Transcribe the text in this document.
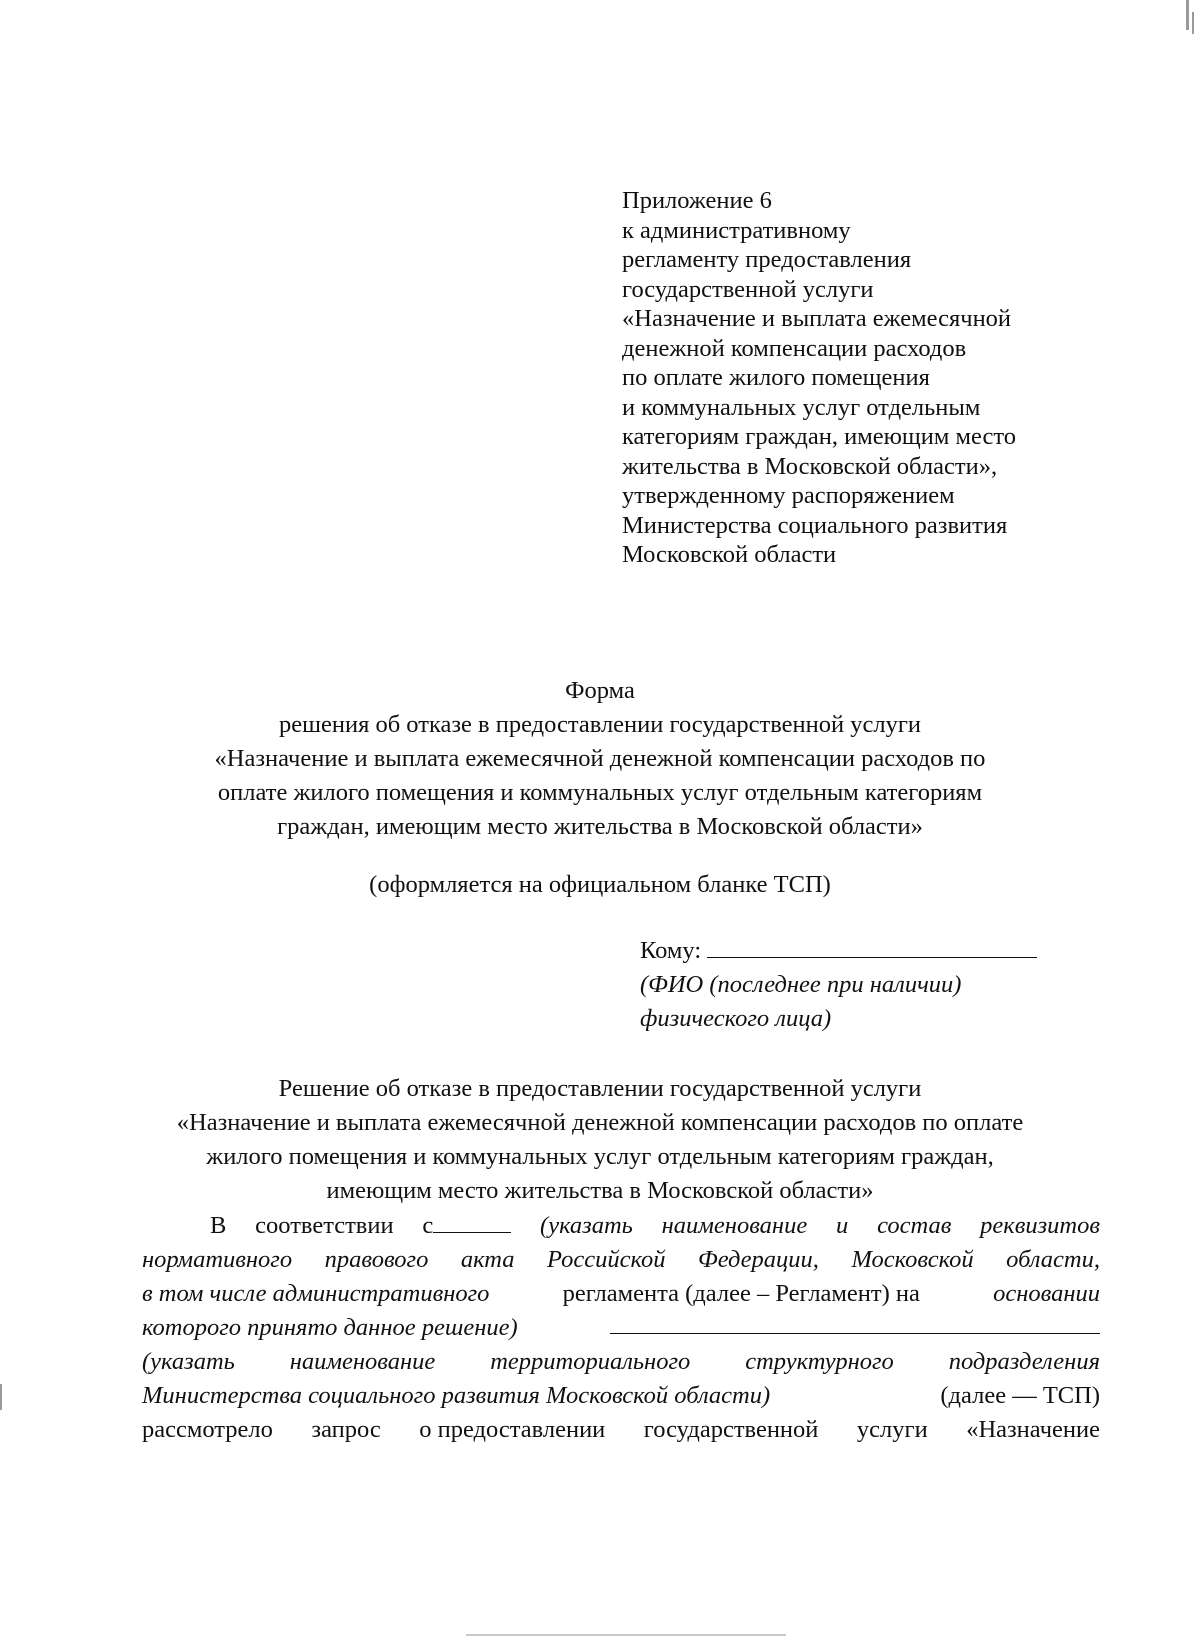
Приложение 6
к административному
регламенту предоставления
государственной услуги
«Назначение и выплата ежемесячной
денежной компенсации расходов
по оплате жилого помещения
и коммунальных услуг отдельным
категориям граждан, имеющим место
жительства в Московской области»,
утвержденному распоряжением
Министерства социального развития
Московской области
Форма
решения об отказе в предоставлении государственной услуги
«Назначение и выплата ежемесячной денежной компенсации расходов по
оплате жилого помещения и коммунальных услуг отдельным категориям
граждан, имеющим место жительства в Московской области»
(оформляется на официальном бланке ТСП)
Кому:
(ФИО (последнее при наличии)
физического лица)
Решение об отказе в предоставлении государственной услуги
«Назначение и выплата ежемесячной денежной компенсации расходов по оплате
жилого помещения и коммунальных услуг отдельным категориям граждан,
имеющим место жительства в Московской области»
В соответствии с	(указать наименование и состав реквизитов
нормативного правового акта Российской Федерации, Московской области,
в том числе административного	регламента (далее – Регламент) на	основании
которого принято данное решение)
(указать наименование территориального структурного подразделения
Министерства социального развития Московской области)	(далее — ТСП)
рассмотрело запрос о предоставлении государственной услуги «Назначение
